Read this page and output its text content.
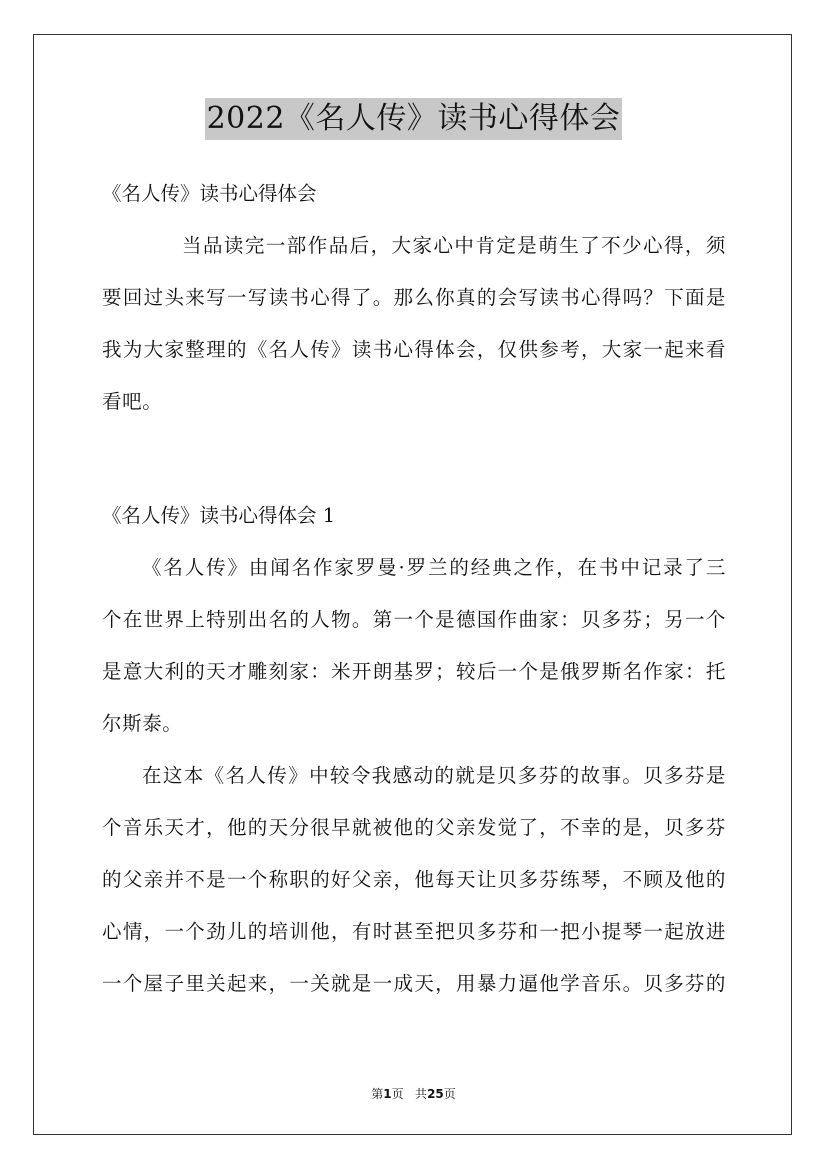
2022《名人传》读书心得体会
《名人传》读书心得体会
当品读完一部作品后，大家心中肯定是萌生了不少心得，须
要回过头来写一写读书心得了。那么你真的会写读书心得吗？下面是
我为大家整理的《名人传》读书心得体会，仅供参考，大家一起来看
看吧。
《名人传》读书心得体会 1
《名人传》由闻名作家罗曼·罗兰的经典之作，在书中记录了三
个在世界上特别出名的人物。第一个是德国作曲家：贝多芬；另一个
是意大利的天才雕刻家：米开朗基罗；较后一个是俄罗斯名作家：托
尔斯泰。
在这本《名人传》中较令我感动的就是贝多芬的故事。贝多芬是
个音乐天才，他的天分很早就被他的父亲发觉了，不幸的是，贝多芬
的父亲并不是一个称职的好父亲，他每天让贝多芬练琴，不顾及他的
心情，一个劲儿的培训他，有时甚至把贝多芬和一把小提琴一起放进
一个屋子里关起来，一关就是一成天，用暴力逼他学音乐。贝多芬的
第1页 共25页
